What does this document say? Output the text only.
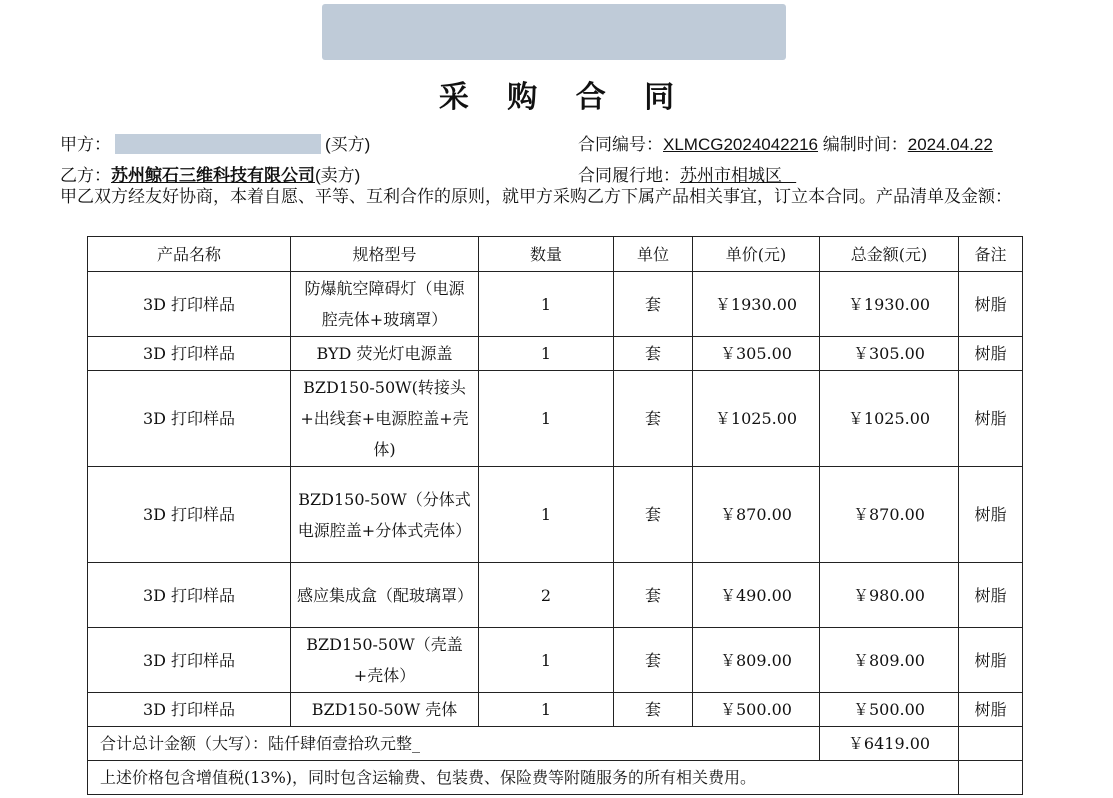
采 购 合 同
甲方：	(买方)	合同编号：XLMCG2024042216 编制时间：2024.04.22
乙方：苏州鲸石三维科技有限公司(卖方)	合同履行地：苏州市相城区
甲乙双方经友好协商，本着自愿、平等、互利合作的原则，就甲方采购乙方下属产品相关事宜，订立本合同。产品清单及金额：
产品名称	规格型号	数量	单位	单价(元)	总金额(元)	备注
3D 打印样品	防爆航空障碍灯（电源腔壳体+玻璃罩）	1	套	￥1930.00	￥1930.00	树脂
3D 打印样品	BYD 荧光灯电源盖	1	套	￥305.00	￥305.00	树脂
3D 打印样品	BZD150-50W(转接头+出线套+电源腔盖+壳体)	1	套	￥1025.00	￥1025.00	树脂
3D 打印样品	BZD150-50W（分体式电源腔盖+分体式壳体）	1	套	￥870.00	￥870.00	树脂
3D 打印样品	感应集成盒（配玻璃罩）	2	套	￥490.00	￥980.00	树脂
3D 打印样品	BZD150-50W（壳盖+壳体）	1	套	￥809.00	￥809.00	树脂
3D 打印样品	BZD150-50W 壳体	1	套	￥500.00	￥500.00	树脂
合计总计金额（大写）：陆仟肆佰壹拾玖元整_					￥6419.00	
上述价格包含增值税(13%)，同时包含运输费、包装费、保险费等附随服务的所有相关费用。						
